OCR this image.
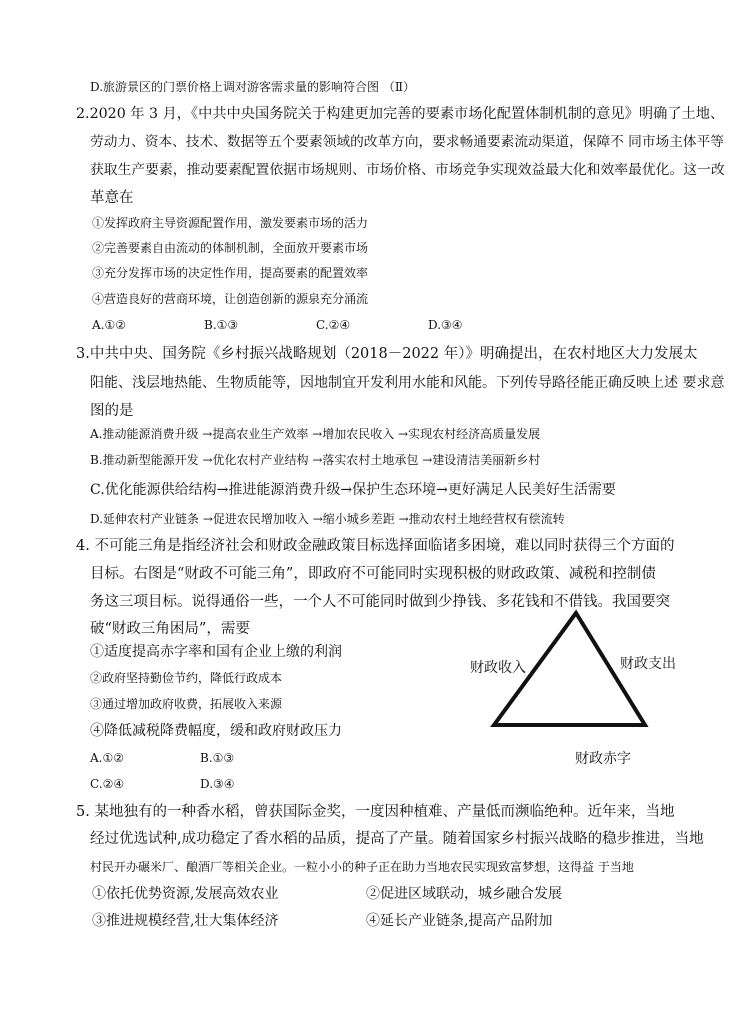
D.旅游景区的门票价格上调对游客需求量的影响符合图 （Ⅱ）
2.2020 年 3 月，《中共中央国务院关于构建更加完善的要素市场化配置体制机制的意见》明确了土地、
劳动力、资本、技术、数据等五个要素领域的改革方向，要求畅通要素流动渠道，保障不 同市场主体平等
获取生产要素，推动要素配置依据市场规则、市场价格、市场竞争实现效益最大化和效率最优化。这一改
革意在
①发挥政府主导资源配置作用，激发要素市场的活力
②完善要素自由流动的体制机制，全面放开要素市场
③充分发挥市场的决定性作用，提高要素的配置效率
④营造良好的营商环境，让创造创新的源泉充分涌流
A.①②	B.①③	C.②④	D.③④
3.中共中央、国务院《乡村振兴战略规划（2018－2022 年）》明确提出，在农村地区大力发展太
阳能、浅层地热能、生物质能等，因地制宜开发利用水能和风能。下列传导路径能正确反映上述 要求意
图的是
A.推动能源消费升级 →提高农业生产效率 →增加农民收入 →实现农村经济高质量发展
B.推动新型能源开发 →优化农村产业结构 →落实农村土地承包 →建设清洁美丽新乡村
C.优化能源供给结构→推进能源消费升级→保护生态环境→更好满足人民美好生活需要
D.延伸农村产业链条 →促进农民增加收入 →缩小城乡差距 →推动农村土地经营权有偿流转
4. 不可能三角是指经济社会和财政金融政策目标选择面临诸多困境，难以同时获得三个方面的
目标。右图是“财政不可能三角”，即政府不可能同时实现积极的财政政策、减税和控制债
务这三项目标。说得通俗一些，一个人不可能同时做到少挣钱、多花钱和不借钱。我国要突
破“财政三角困局”，需要
①适度提高赤字率和国有企业上缴的利润
②政府坚持勤俭节约，降低行政成本
③通过增加政府收费，拓展收入来源
④降低减税降费幅度，缓和政府财政压力
A.①②	B.①③
C.②④	D.③④
财政收入	财政支出
财政赤字
5. 某地独有的一种香水稻，曾获国际金奖，一度因种植难、产量低而濒临绝种。近年来，当地
经过优选试种,成功稳定了香水稻的品质，提高了产量。随着国家乡村振兴战略的稳步推进，当地
村民开办碾米厂、酿酒厂等相关企业。一粒小小的种子正在助力当地农民实现致富梦想，这得益 于当地
①依托优势资源,发展高效农业	②促进区域联动，城乡融合发展
③推进规模经营,壮大集体经济	④延长产业链条,提高产品附加
